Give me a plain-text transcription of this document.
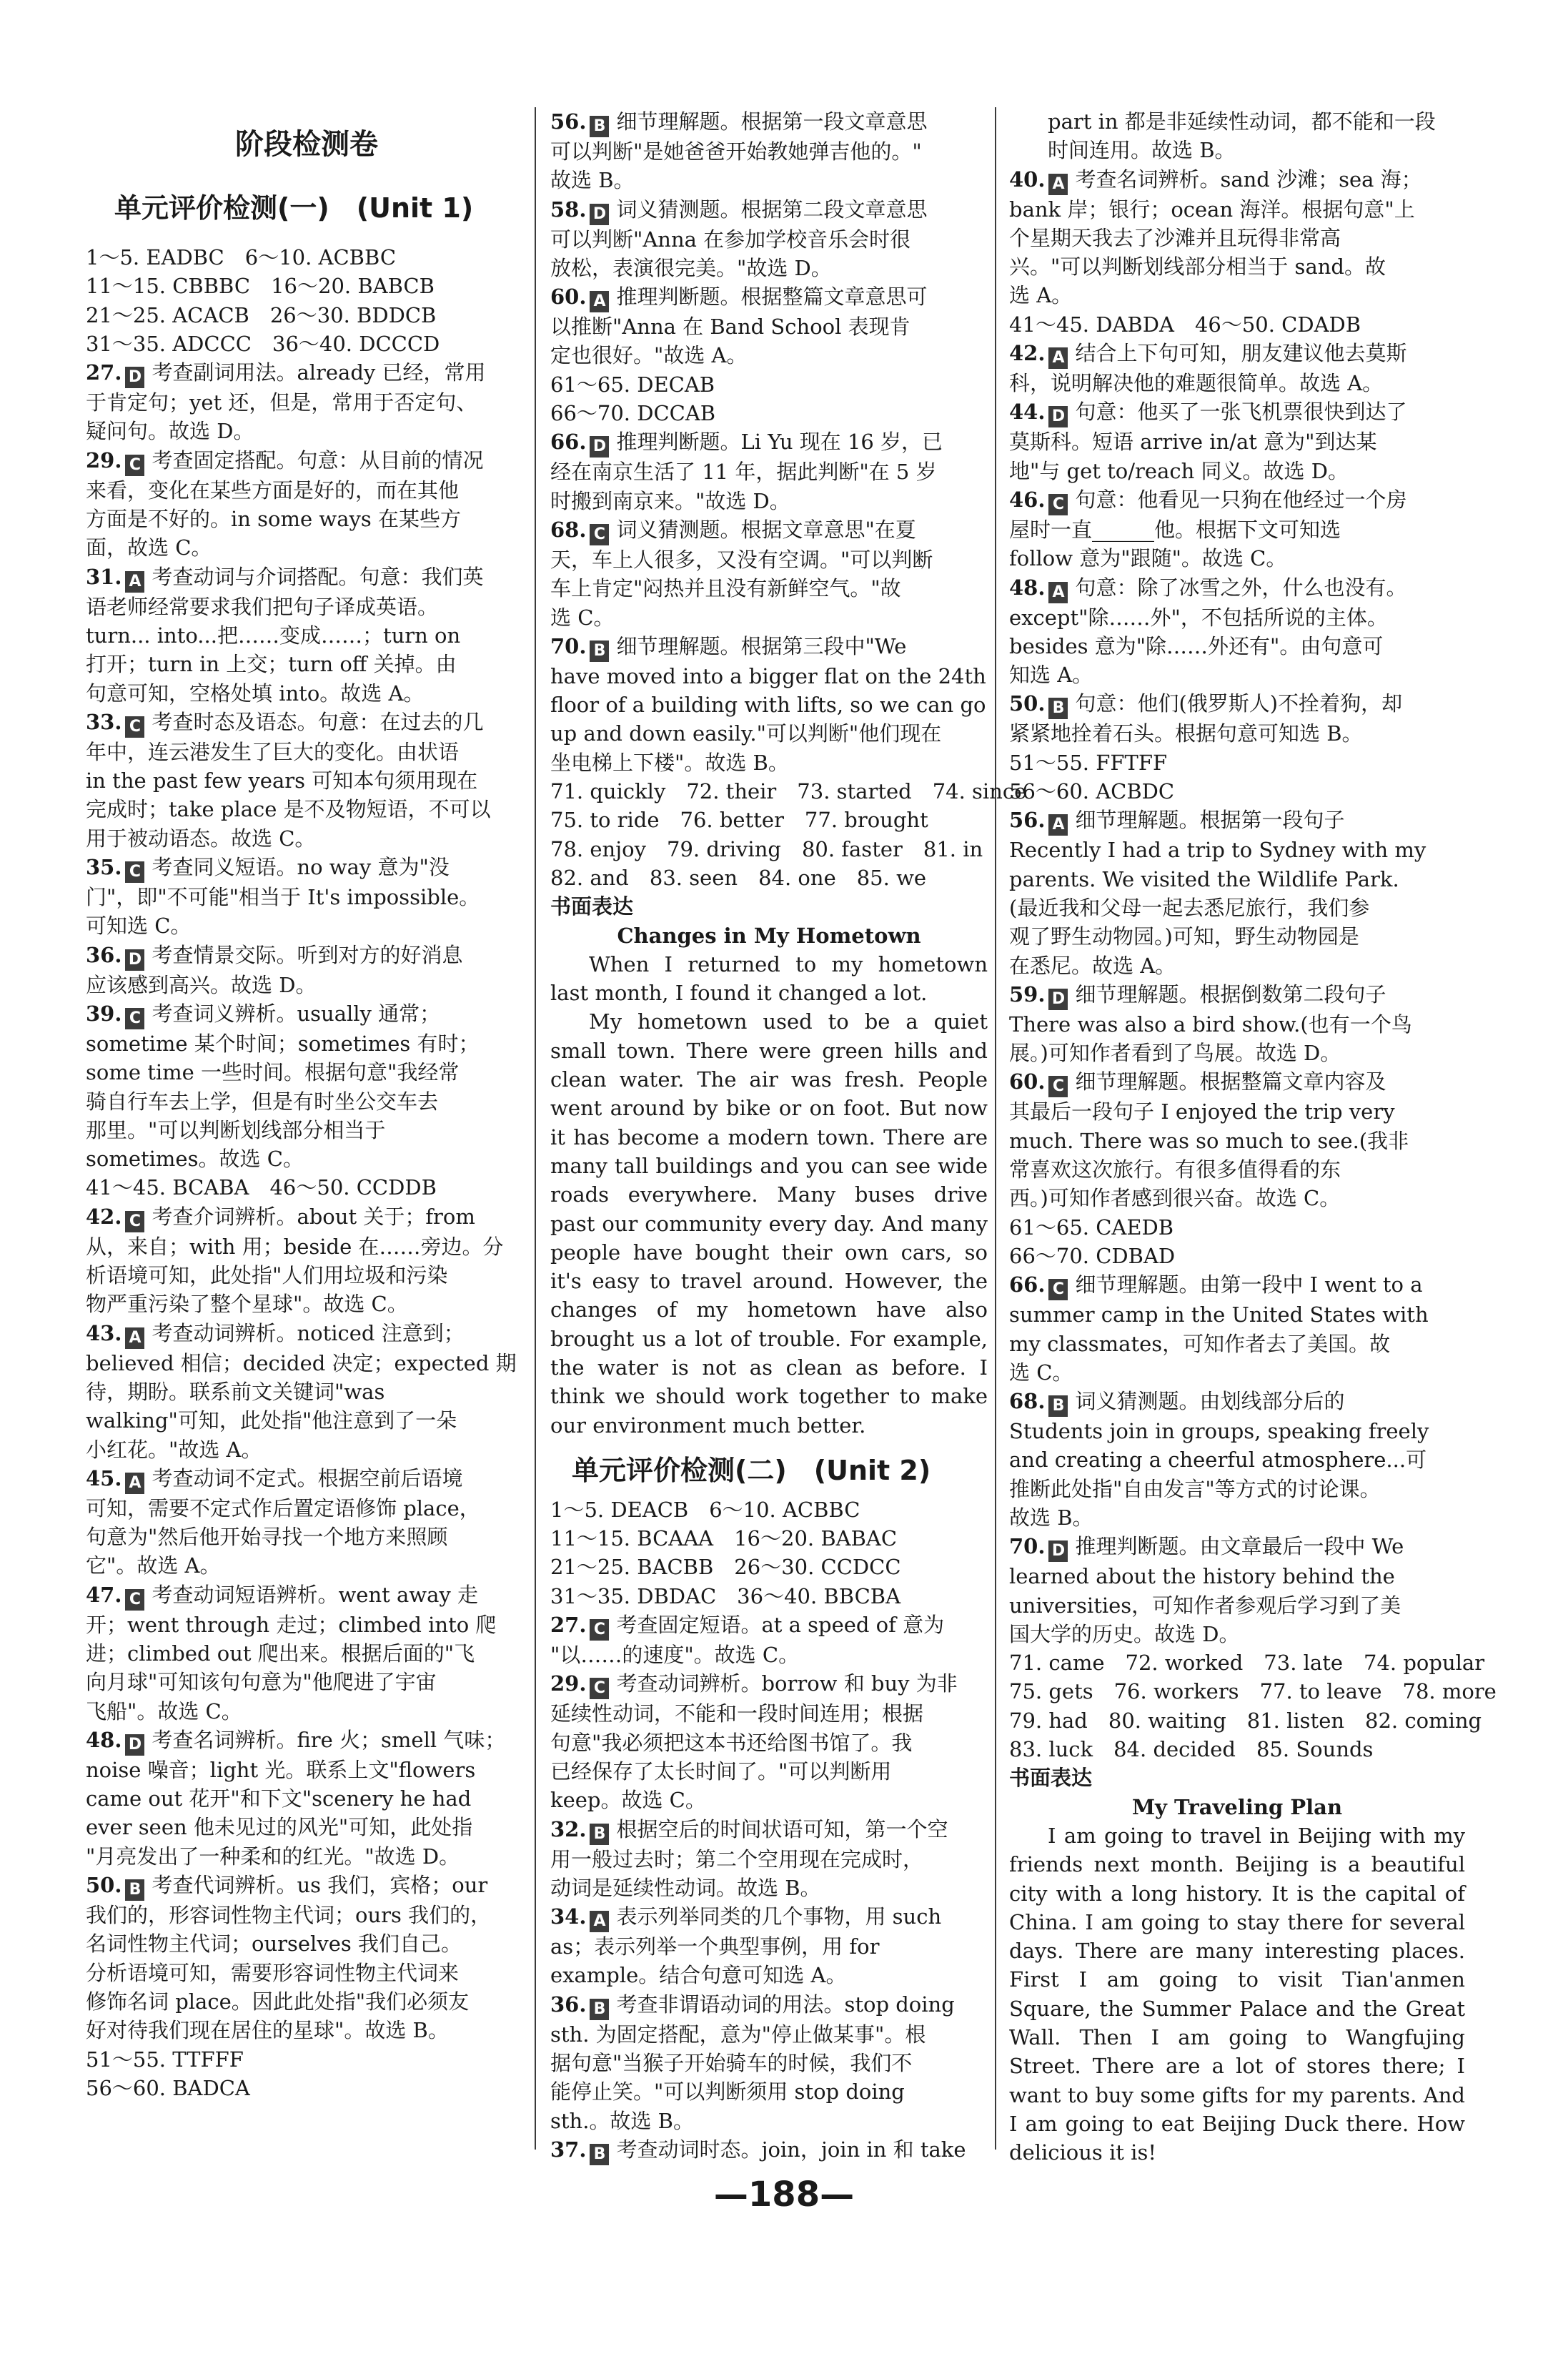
阶段检测卷
单元评价检测(一)　(Unit 1)
1～5. EADBC　6～10. ACBBC
11～15. CBBBC　16～20. BABCB
21～25. ACACB　26～30. BDDCB
31～35. ADCCC　36～40. DCCCD
27. D 考查副词用法。already 已经，常用
于肯定句；yet 还，但是，常用于否定句、
疑问句。故选 D。
29. C 考查固定搭配。句意：从目前的情况
来看，变化在某些方面是好的，而在其他
方面是不好的。in some ways 在某些方
面，故选 C。
31. A 考查动词与介词搭配。句意：我们英
语老师经常要求我们把句子译成英语。
turn... into...把……变成……；turn on
打开；turn in 上交；turn off 关掉。由
句意可知，空格处填 into。故选 A。
33. C 考查时态及语态。句意：在过去的几
年中，连云港发生了巨大的变化。由状语
in the past few years 可知本句须用现在
完成时；take place 是不及物短语，不可以
用于被动语态。故选 C。
35. C 考查同义短语。no way 意为"没
门"，即"不可能"相当于 It's impossible。
可知选 C。
36. D 考查情景交际。听到对方的好消息
应该感到高兴。故选 D。
39. C 考查词义辨析。usually 通常；
sometime 某个时间；sometimes 有时；
some time 一些时间。根据句意"我经常
骑自行车去上学，但是有时坐公交车去
那里。"可以判断划线部分相当于
sometimes。故选 C。
41～45. BCABA　46～50. CCDDB
42. C 考查介词辨析。about 关于；from
从，来自；with 用；beside 在……旁边。分
析语境可知，此处指"人们用垃圾和污染
物严重污染了整个星球"。故选 C。
43. A 考查动词辨析。noticed 注意到；
believed 相信；decided 决定；expected 期
待，期盼。联系前文关键词"was
walking"可知，此处指"他注意到了一朵
小红花。"故选 A。
45. A 考查动词不定式。根据空前后语境
可知，需要不定式作后置定语修饰 place，
句意为"然后他开始寻找一个地方来照顾
它"。故选 A。
47. C 考查动词短语辨析。went away 走
开；went through 走过；climbed into 爬
进；climbed out 爬出来。根据后面的"飞
向月球"可知该句句意为"他爬进了宇宙
飞船"。故选 C。
48. D 考查名词辨析。fire 火；smell 气味；
noise 噪音；light 光。联系上文"flowers
came out 花开"和下文"scenery he had
ever seen 他未见过的风光"可知，此处指
"月亮发出了一种柔和的红光。"故选 D。
50. B 考查代词辨析。us 我们，宾格；our
我们的，形容词性物主代词；ours 我们的，
名词性物主代词；ourselves 我们自己。
分析语境可知，需要形容词性物主代词来
修饰名词 place。因此此处指"我们必须友
好对待我们现在居住的星球"。故选 B。
51～55. TTFFF
56～60. BADCA
56. B 细节理解题。根据第一段文章意思
可以判断"是她爸爸开始教她弹吉他的。"
故选 B。
58. D 词义猜测题。根据第二段文章意思
可以判断"Anna 在参加学校音乐会时很
放松，表演很完美。"故选 D。
60. A 推理判断题。根据整篇文章意思可
以推断"Anna 在 Band School 表现肯
定也很好。"故选 A。
61～65. DECAB
66～70. DCCAB
66. D 推理判断题。Li Yu 现在 16 岁，已
经在南京生活了 11 年，据此判断"在 5 岁
时搬到南京来。"故选 D。
68. C 词义猜测题。根据文章意思"在夏
天，车上人很多，又没有空调。"可以判断
车上肯定"闷热并且没有新鲜空气。"故
选 C。
70. B 细节理解题。根据第三段中"We
have moved into a bigger flat on the 24th
floor of a building with lifts, so we can go
up and down easily."可以判断"他们现在
坐电梯上下楼"。故选 B。
71. quickly　72. their　73. started　74. since
75. to ride　76. better　77. brought
78. enjoy　79. driving　80. faster　81. in
82. and　83. seen　84. one　85. we
书面表达
Changes in My Hometown
When I returned to my hometown last month, I found it changed a lot.
My hometown used to be a quiet small town. There were green hills and clean water. The air was fresh. People went around by bike or on foot. But now it has become a modern town. There are many tall buildings and you can see wide roads everywhere. Many buses drive past our community every day. And many people have bought their own cars, so it's easy to travel around. However, the changes of my hometown have also brought us a lot of trouble. For example, the water is not as clean as before. I think we should work together to make our environment much better.
单元评价检测(二)　(Unit 2)
1～5. DEACB　6～10. ACBBC
11～15. BCAAA　16～20. BABAC
21～25. BACBB　26～30. CCDCC
31～35. DBDAC　36～40. BBCBA
27. C 考查固定短语。at a speed of 意为
"以……的速度"。故选 C。
29. C 考查动词辨析。borrow 和 buy 为非
延续性动词，不能和一段时间连用；根据
句意"我必须把这本书还给图书馆了。我
已经保存了太长时间了。"可以判断用
keep。故选 C。
32. B 根据空后的时间状语可知，第一个空
用一般过去时；第二个空用现在完成时，
动词是延续性动词。故选 B。
34. A 表示列举同类的几个事物，用 such
as；表示列举一个典型事例，用 for
example。结合句意可知选 A。
36. B 考查非谓语动词的用法。stop doing
sth. 为固定搭配，意为"停止做某事"。根
据句意"当猴子开始骑车的时候，我们不
能停止笑。"可以判断须用 stop doing
sth.。故选 B。
37. B 考查动词时态。join，join in 和 take
part in 都是非延续性动词，都不能和一段
时间连用。故选 B。
40. A 考查名词辨析。sand 沙滩；sea 海；
bank 岸；银行；ocean 海洋。根据句意"上
个星期天我去了沙滩并且玩得非常高
兴。"可以判断划线部分相当于 sand。故
选 A。
41～45. DABDA　46～50. CDADB
42. A 结合上下句可知，朋友建议他去莫斯
科，说明解决他的难题很简单。故选 A。
44. D 句意：他买了一张飞机票很快到达了
莫斯科。短语 arrive in/at 意为"到达某
地"与 get to/reach 同义。故选 D。
46. C 句意：他看见一只狗在他经过一个房
屋时一直______他。根据下文可知选
follow 意为"跟随"。故选 C。
48. A 句意：除了冰雪之外，什么也没有。
except"除……外"，不包括所说的主体。
besides 意为"除……外还有"。由句意可
知选 A。
50. B 句意：他们(俄罗斯人)不拴着狗，却
紧紧地拴着石头。根据句意可知选 B。
51～55. FFTFF
56～60. ACBDC
56. A 细节理解题。根据第一段句子
Recently I had a trip to Sydney with my
parents. We visited the Wildlife Park.
(最近我和父母一起去悉尼旅行，我们参
观了野生动物园。)可知，野生动物园是
在悉尼。故选 A。
59. D 细节理解题。根据倒数第二段句子
There was also a bird show.(也有一个鸟
展。)可知作者看到了鸟展。故选 D。
60. C 细节理解题。根据整篇文章内容及
其最后一段句子 I enjoyed the trip very
much. There was so much to see.(我非
常喜欢这次旅行。有很多值得看的东
西。)可知作者感到很兴奋。故选 C。
61～65. CAEDB
66～70. CDBAD
66. C 细节理解题。由第一段中 I went to a
summer camp in the United States with
my classmates，可知作者去了美国。故
选 C。
68. B 词义猜测题。由划线部分后的
Students join in groups, speaking freely
and creating a cheerful atmosphere...可
推断此处指"自由发言"等方式的讨论课。
故选 B。
70. D 推理判断题。由文章最后一段中 We
learned about the history behind the
universities，可知作者参观后学习到了美
国大学的历史。故选 D。
71. came　72. worked　73. late　74. popular
75. gets　76. workers　77. to leave　78. more
79. had　80. waiting　81. listen　82. coming
83. luck　84. decided　85. Sounds
书面表达
My Traveling Plan
I am going to travel in Beijing with my friends next month. Beijing is a beautiful city with a long history. It is the capital of China. I am going to stay there for several days. There are many interesting places. First I am going to visit Tian'anmen Square, the Summer Palace and the Great Wall. Then I am going to Wangfujing Street. There are a lot of stores there; I want to buy some gifts for my parents. And I am going to eat Beijing Duck there. How delicious it is!
—188—
